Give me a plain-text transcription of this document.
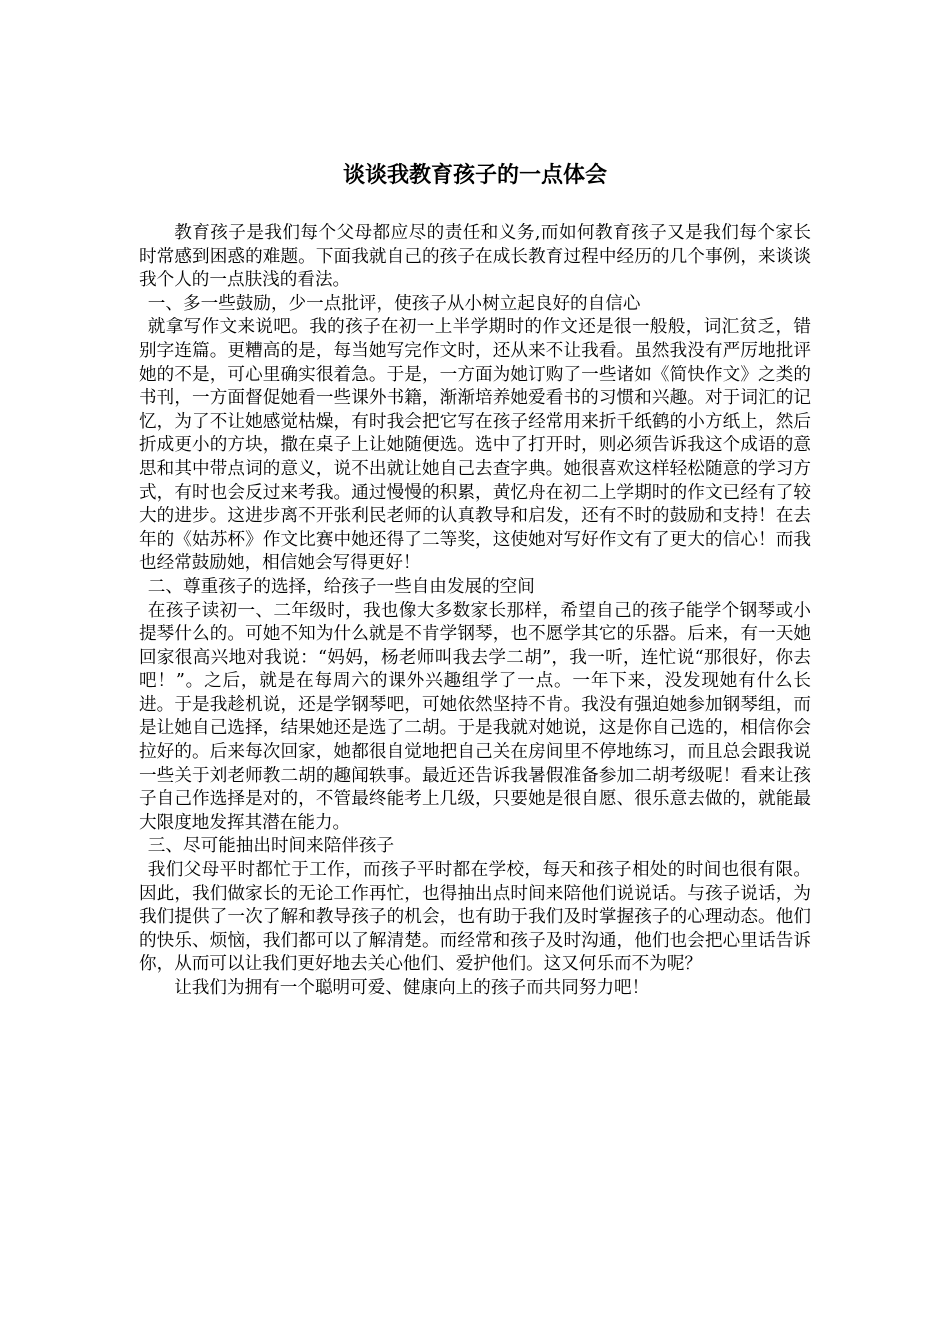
谈谈我教育孩子的一点体会

教育孩子是我们每个父母都应尽的责任和义务,而如何教育孩子又是我们每个家长时常感到困惑的难题。下面我就自己的孩子在成长教育过程中经历的几个事例，来谈谈我个人的一点肤浅的看法。

一、多一些鼓励，少一点批评，使孩子从小树立起良好的自信心

就拿写作文来说吧。我的孩子在初一上半学期时的作文还是很一般般，词汇贫乏，错别字连篇。更糟高的是，每当她写完作文时，还从来不让我看。虽然我没有严厉地批评她的不是，可心里确实很着急。于是，一方面为她订购了一些诸如《简快作文》之类的书刊，一方面督促她看一些课外书籍，渐渐培养她爱看书的习惯和兴趣。对于词汇的记忆，为了不让她感觉枯燥，有时我会把它写在孩子经常用来折千纸鹤的小方纸上，然后折成更小的方块，撒在桌子上让她随便选。选中了打开时，则必须告诉我这个成语的意思和其中带点词的意义，说不出就让她自己去查字典。她很喜欢这样轻松随意的学习方式，有时也会反过来考我。通过慢慢的积累，黄忆舟在初二上学期时的作文已经有了较大的进步。这进步离不开张利民老师的认真教导和启发，还有不时的鼓励和支持！在去年的《姑苏杯》作文比赛中她还得了二等奖，这使她对写好作文有了更大的信心！而我也经常鼓励她，相信她会写得更好！

二、尊重孩子的选择，给孩子一些自由发展的空间

在孩子读初一、二年级时，我也像大多数家长那样，希望自己的孩子能学个钢琴或小提琴什么的。可她不知为什么就是不肯学钢琴，也不愿学其它的乐器。后来，有一天她回家很高兴地对我说：“妈妈，杨老师叫我去学二胡”，我一听，连忙说“那很好，你去吧！”。之后，就是在每周六的课外兴趣组学了一点。一年下来，没发现她有什么长进。于是我趁机说，还是学钢琴吧，可她依然坚持不肯。我没有强迫她参加钢琴组，而是让她自己选择，结果她还是选了二胡。于是我就对她说，这是你自己选的，相信你会拉好的。后来每次回家，她都很自觉地把自己关在房间里不停地练习，而且总会跟我说一些关于刘老师教二胡的趣闻轶事。最近还告诉我暑假准备参加二胡考级呢！看来让孩子自己作选择是对的，不管最终能考上几级，只要她是很自愿、很乐意去做的，就能最大限度地发挥其潜在能力。

三、尽可能抽出时间来陪伴孩子

我们父母平时都忙于工作，而孩子平时都在学校，每天和孩子相处的时间也很有限。因此，我们做家长的无论工作再忙，也得抽出点时间来陪他们说说话。与孩子说话，为我们提供了一次了解和教导孩子的机会，也有助于我们及时掌握孩子的心理动态。他们的快乐、烦恼，我们都可以了解清楚。而经常和孩子及时沟通，他们也会把心里话告诉你，从而可以让我们更好地去关心他们、爱护他们。这又何乐而不为呢？

让我们为拥有一个聪明可爱、健康向上的孩子而共同努力吧！
